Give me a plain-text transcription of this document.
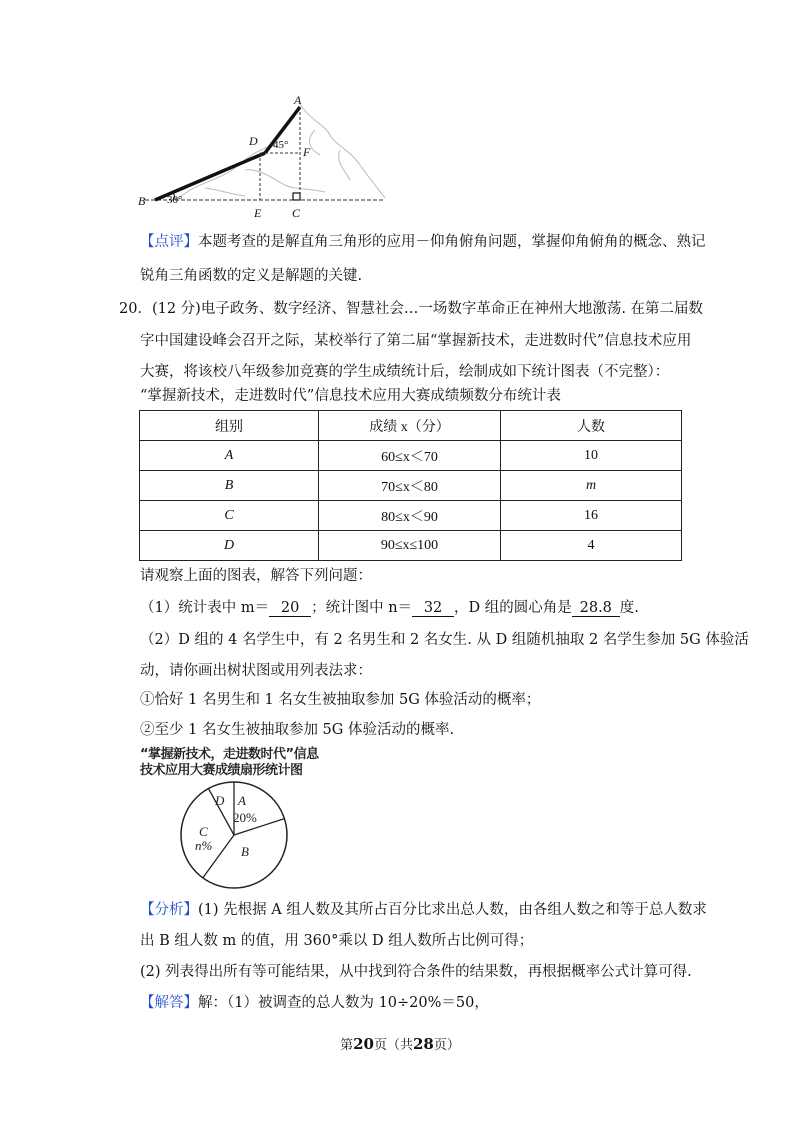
A
D
F
B
E	C
45°
30°
【点评】本题考查的是解直角三角形的应用－仰角俯角问题，掌握仰角俯角的概念、熟记
锐角三角函数的定义是解题的关键.
20．(12 分)电子政务、数字经济、智慧社会…一场数字革命正在神州大地激荡. 在第二届数
字中国建设峰会召开之际，某校举行了第二届“掌握新技术，走进数时代”信息技术应用
大赛，将该校八年级参加竞赛的学生成绩统计后，绘制成如下统计图表（不完整）：
“掌握新技术，走进数时代”信息技术应用大赛成绩频数分布统计表
组别	成绩 x（分）	人数
A	60≤x＜70	10
B	70≤x＜80	m
C	80≤x＜90	16
D	90≤x≤100	4
请观察上面的图表，解答下列问题：
（1）统计表中 m＝ 20 ；统计图中 n＝ 32 ，D 组的圆心角是 28.8 度.
（2）D 组的 4 名学生中，有 2 名男生和 2 名女生. 从 D 组随机抽取 2 名学生参加 5G 体验活
动，请你画出树状图或用列表法求：
①恰好 1 名男生和 1 名女生被抽取参加 5G 体验活动的概率；
②至少 1 名女生被抽取参加 5G 体验活动的概率.
“掌握新技术，走进数时代”信息
技术应用大赛成绩扇形统计图
D A
20%
C
n% B
【分析】(1) 先根据 A 组人数及其所占百分比求出总人数，由各组人数之和等于总人数求
出 B 组人数 m 的值，用 360°乘以 D 组人数所占比例可得；
(2) 列表得出所有等可能结果，从中找到符合条件的结果数，再根据概率公式计算可得.
【解答】解：（1）被调查的总人数为 10÷20%＝50，
第20页（共28页）
